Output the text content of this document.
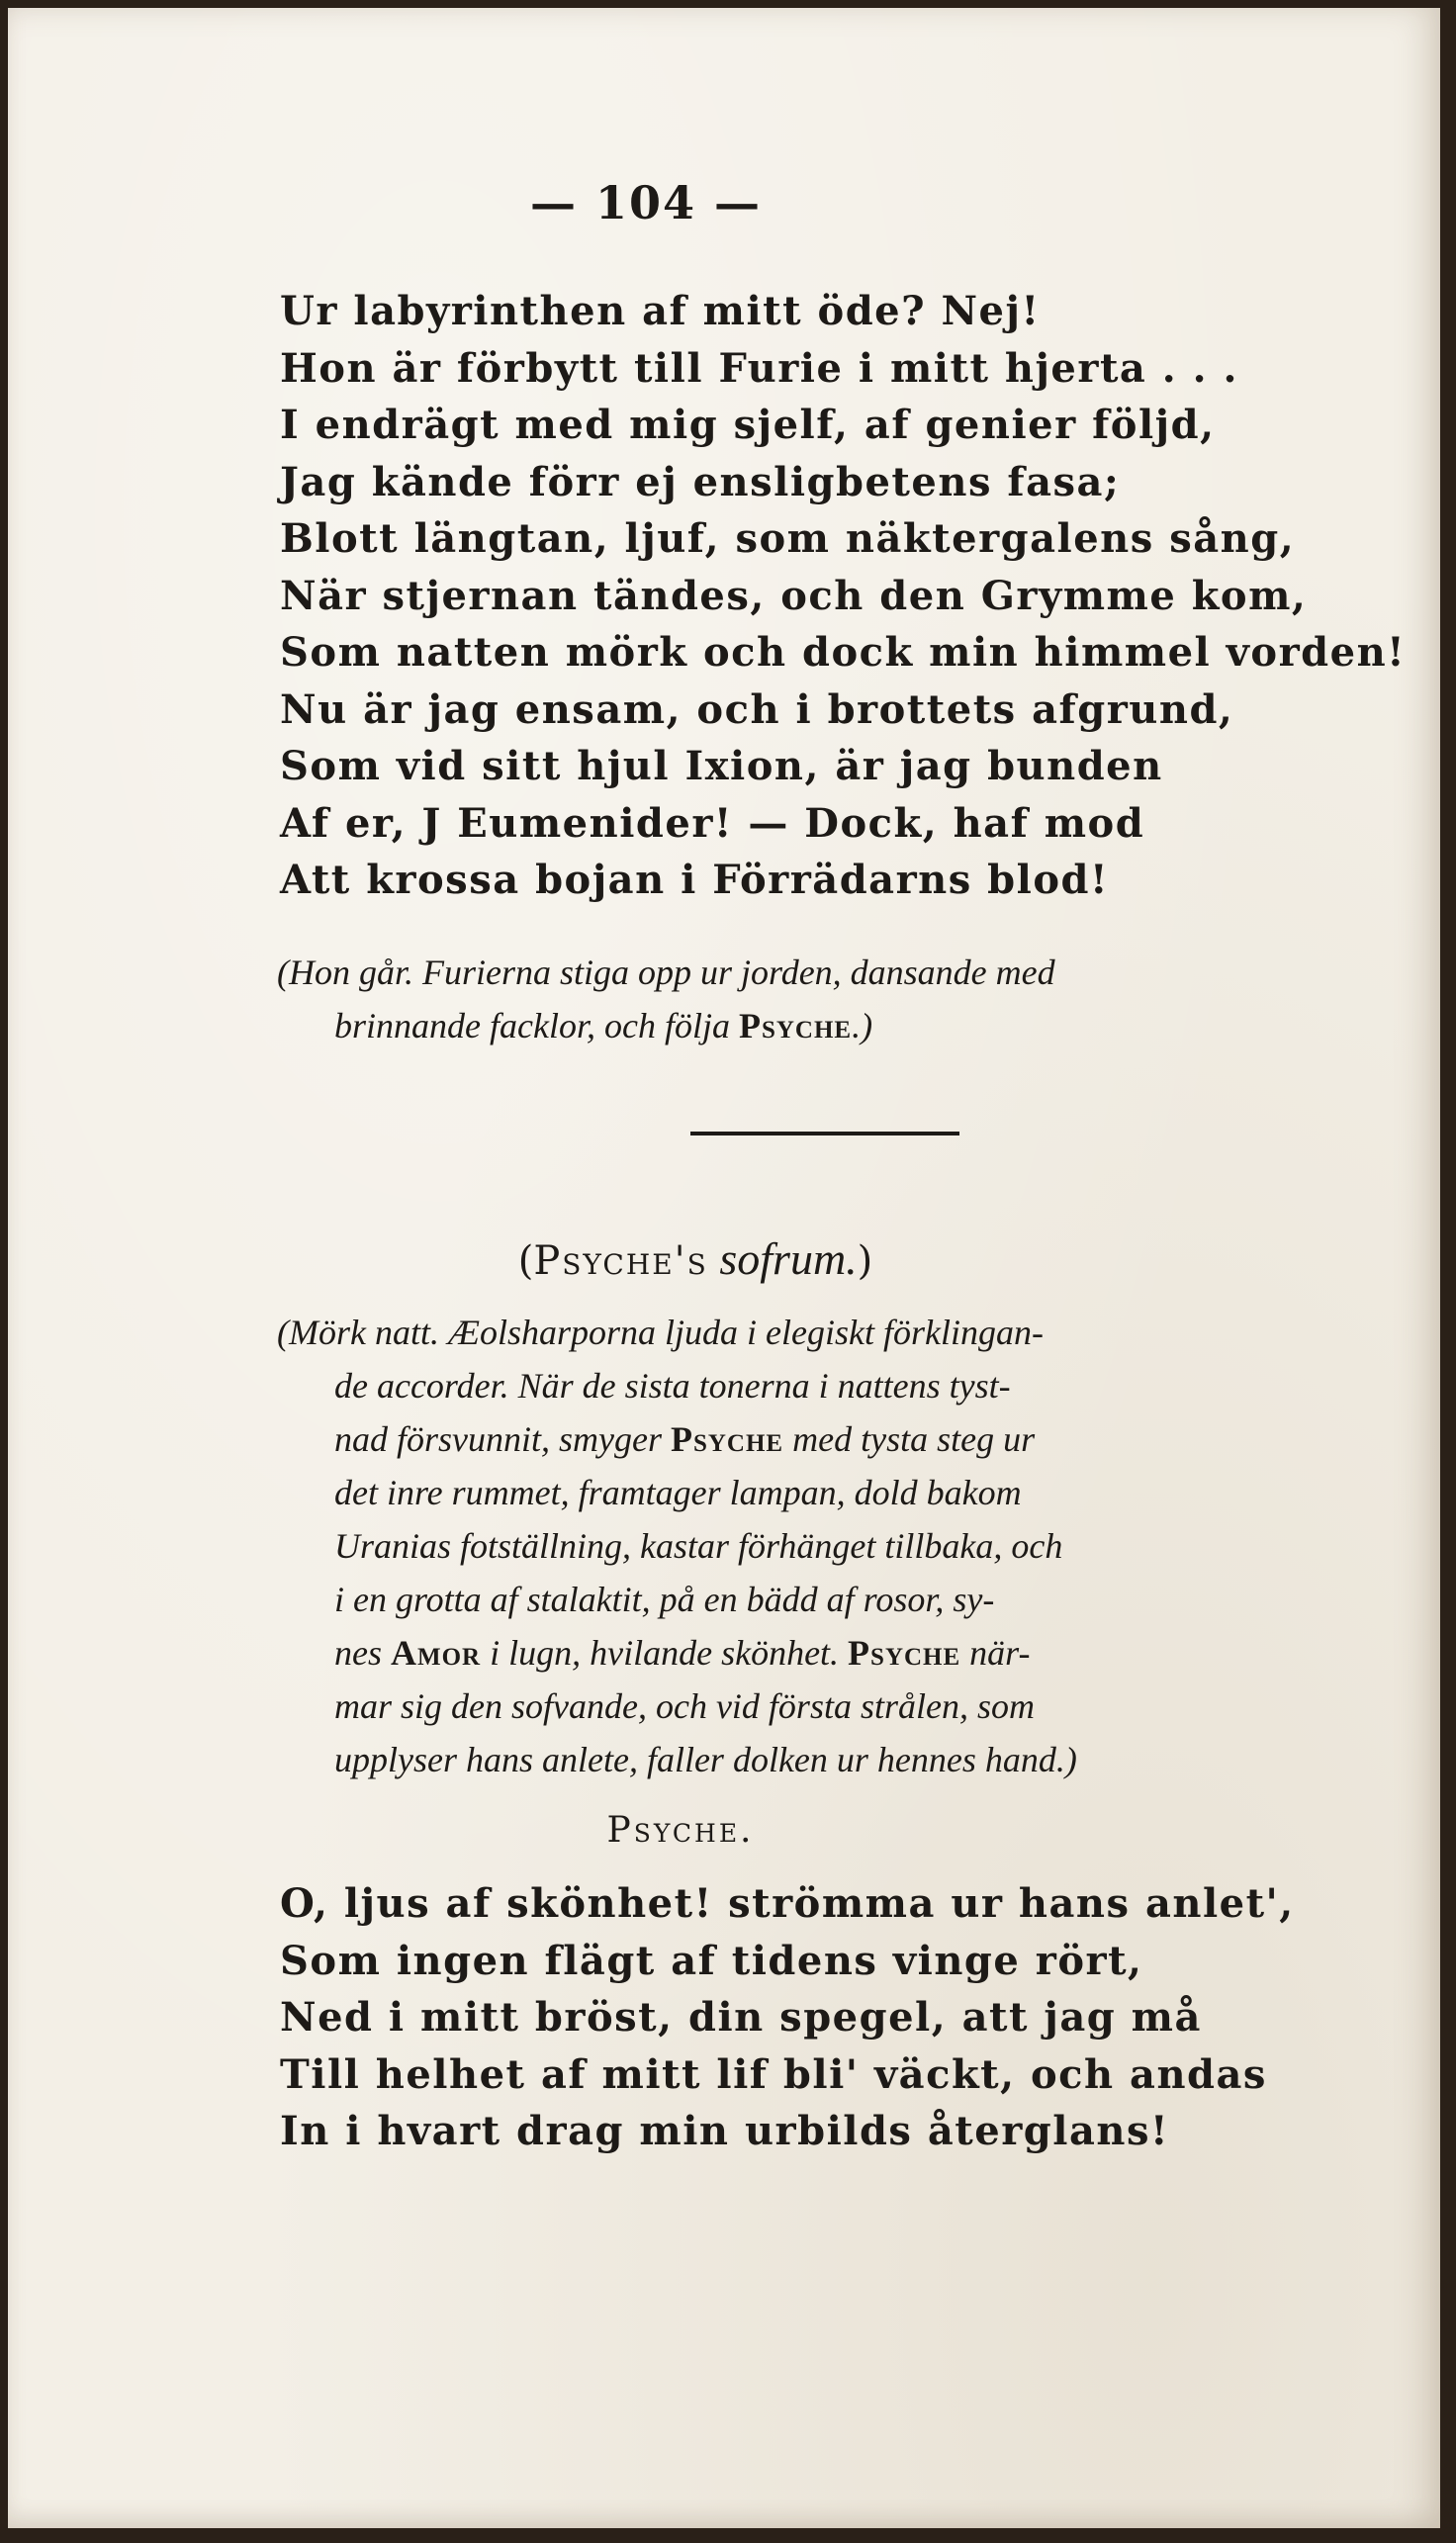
— 104 —
Ur labyrinthen af mitt öde? Nej!
Hon är förbytt till Furie i mitt hjerta . . .
I endrägt med mig sjelf, af genier följd,
Jag kände förr ej ensligbetens fasa;
Blott längtan, ljuf, som näktergalens sång,
När stjernan tändes, och den Grymme kom,
Som natten mörk och dock min himmel vorden!
Nu är jag ensam, och i brottets afgrund,
Som vid sitt hjul Ixion, är jag bunden
Af er, J Eumenider! — Dock, haf mod
Att krossa bojan i Förrädarns blod!

(Hon går. Furierna stiga opp ur jorden, dansande med
brinnande facklor, och följa Psyche.)

(Psyche's sofrum.)

(Mörk natt. Æolsharporna ljuda i elegiskt förklingan-
de accorder. När de sista tonerna i nattens tyst-
nad försvunnit, smyger Psyche med tysta steg ur
det inre rummet, framtager lampan, dold bakom
Uranias fotställning, kastar förhänget tillbaka, och
i en grotta af stalaktit, på en bädd af rosor, sy-
nes Amor i lugn, hvilande skönhet. Psyche när-
mar sig den sofvande, och vid första strålen, som
upplyser hans anlete, faller dolken ur hennes hand.)

Psyche.
O, ljus af skönhet! strömma ur hans anlet',
Som ingen flägt af tidens vinge rört,
Ned i mitt bröst, din spegel, att jag må
Till helhet af mitt lif bli' väckt, och andas
In i hvart drag min urbilds återglans!
